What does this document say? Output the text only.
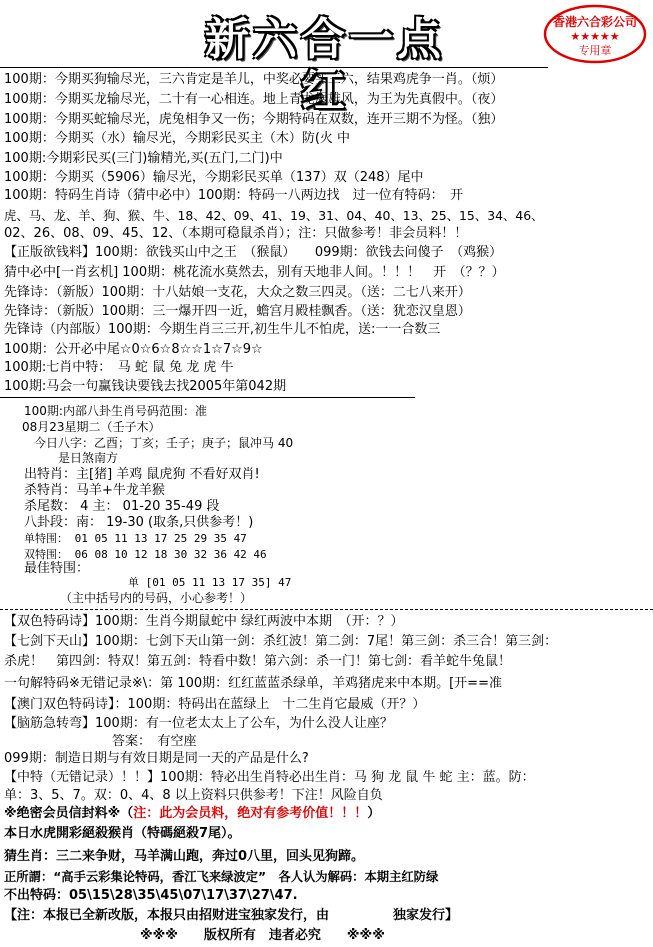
新六合一点红
香港六合彩公司
★★★★★
专用章
100期：今期买狗输尽光，三六肯定是羊儿，中奖必要买三六，结果鸡虎争一肖。（烦）
100期：今期买龙输尽光，二十有一心相连。地上青龙展雄风，为王为先真假中。（夜）
100期：今期买蛇输尽光，虎兔相争又一伤；今期特码在双数，连开三期不为怪。（独）
100期：今期买（水）输尽光，今期彩民买主（木）防(火 中
100期:今期彩民买(三门)输精光,买(五门,二门)中
100期：今期买（5906）输尽光，今期彩民买单（137）双（248）尾中
100期：特码生肖诗（猜中必中）100期：特码一八两边找　过一位有特码：　开
虎、马、龙、羊、狗、猴、牛、18、42、09、41、19、31、04、40、13、25、15、34、46、
02、26、08、09、45、12、（本期可稳鼠杀肖）；注：只做参考！非会员料！！
【正版欲钱料】100期：欲钱买山中之王　（猴鼠）　　099期：欲钱去问傻子　（鸡猴）
猜中必中[一肖玄机] 100期：桃花流水莫然去，别有天地非人间。！！！　开　（？？）
先锋诗：（新版）100期：十八姑娘一支花，大众之数三四灵。（送：二七八来开）
先锋诗：（新版）100期：三一爆开四一近，蟾宫月殿桂飘香。（送：犹恋汉皇恩）
先锋诗（内部版）100期：今期生肖三三开,初生牛儿不怕虎，送:一一合数三
100期：公开必中尾☆0☆6☆8☆☆1☆7☆9☆
100期:七肖中特：　马 蛇 鼠 兔 龙 虎 牛
100期:马会一句赢钱诀要钱去找2005年第042期
100期:内部八卦生肖号码范围：准
08月23星期二（壬子木）
今日八字：乙酉；丁亥；壬子；庚子；鼠冲马 40
是日煞南方
出特肖：主[猪] 羊鸡 鼠虎狗 不看好双肖!
杀特肖：马羊+牛龙羊猴
杀尾数： 4 主： 01-20 35-49 段
八卦段：南： 19-30 (取条,只供参考！)
单特围： 01 05 11 13 17 25 29 35 47
双特围： 06 08 10 12 18 30 32 36 42 46
最佳特围：
单 [01 05 11 13 17 35] 47
（主中括号内的号码，小心参考！）
【双色特码诗】100期：生肖今期鼠蛇中 绿红两波中本期　（开：？）
【七剑下天山】100期：七剑下天山第一剑：杀红波！第二剑：7尾！第三剑：杀三合！第三剑：
杀虎！　第四剑：特双！第五剑：特看中数！第六剑：杀一门！第七剑：看羊蛇牛兔鼠！
一句解特码※无错记录※\：第 100期：红红蓝蓝杀绿单，羊鸡猪虎来中本期。[开==准
【澳门双色特码诗】：100期：特码出在蓝绿上　十二生肖它最威（开？）
【脑筋急转弯】100期：有一位老太太上了公车，为什么没人让座？
答案：　有空座
099期：制造日期与有效日期是同一天的产品是什么?
【中特（无错记录）！！】100期：特必出生肖特必出生肖：马 狗 龙 鼠 牛 蛇 主：蓝。防：
单：3、5、7。双：0、4、8 以上资料只供参考！下注！风险自负
※绝密会员信封料※（注：此为会员料，绝对有参考价值！！！）
本日水虎開彩絕殺猴肖（特碼絕殺7尾）。
猜生肖：三二来争财，马羊满山跑，奔过0八里，回头见狗蹄。
正所謂：“高手云彩集论特码，香江飞来绿波定”　各人认为解码：本期主红防绿
不出特码：05\15\28\35\45\07\17\37\27\47.
【注：本报已全新改版，本报只由招财进宝独家发行，由	独家发行】
※※※　　版权所有　违者必究　　※※※
